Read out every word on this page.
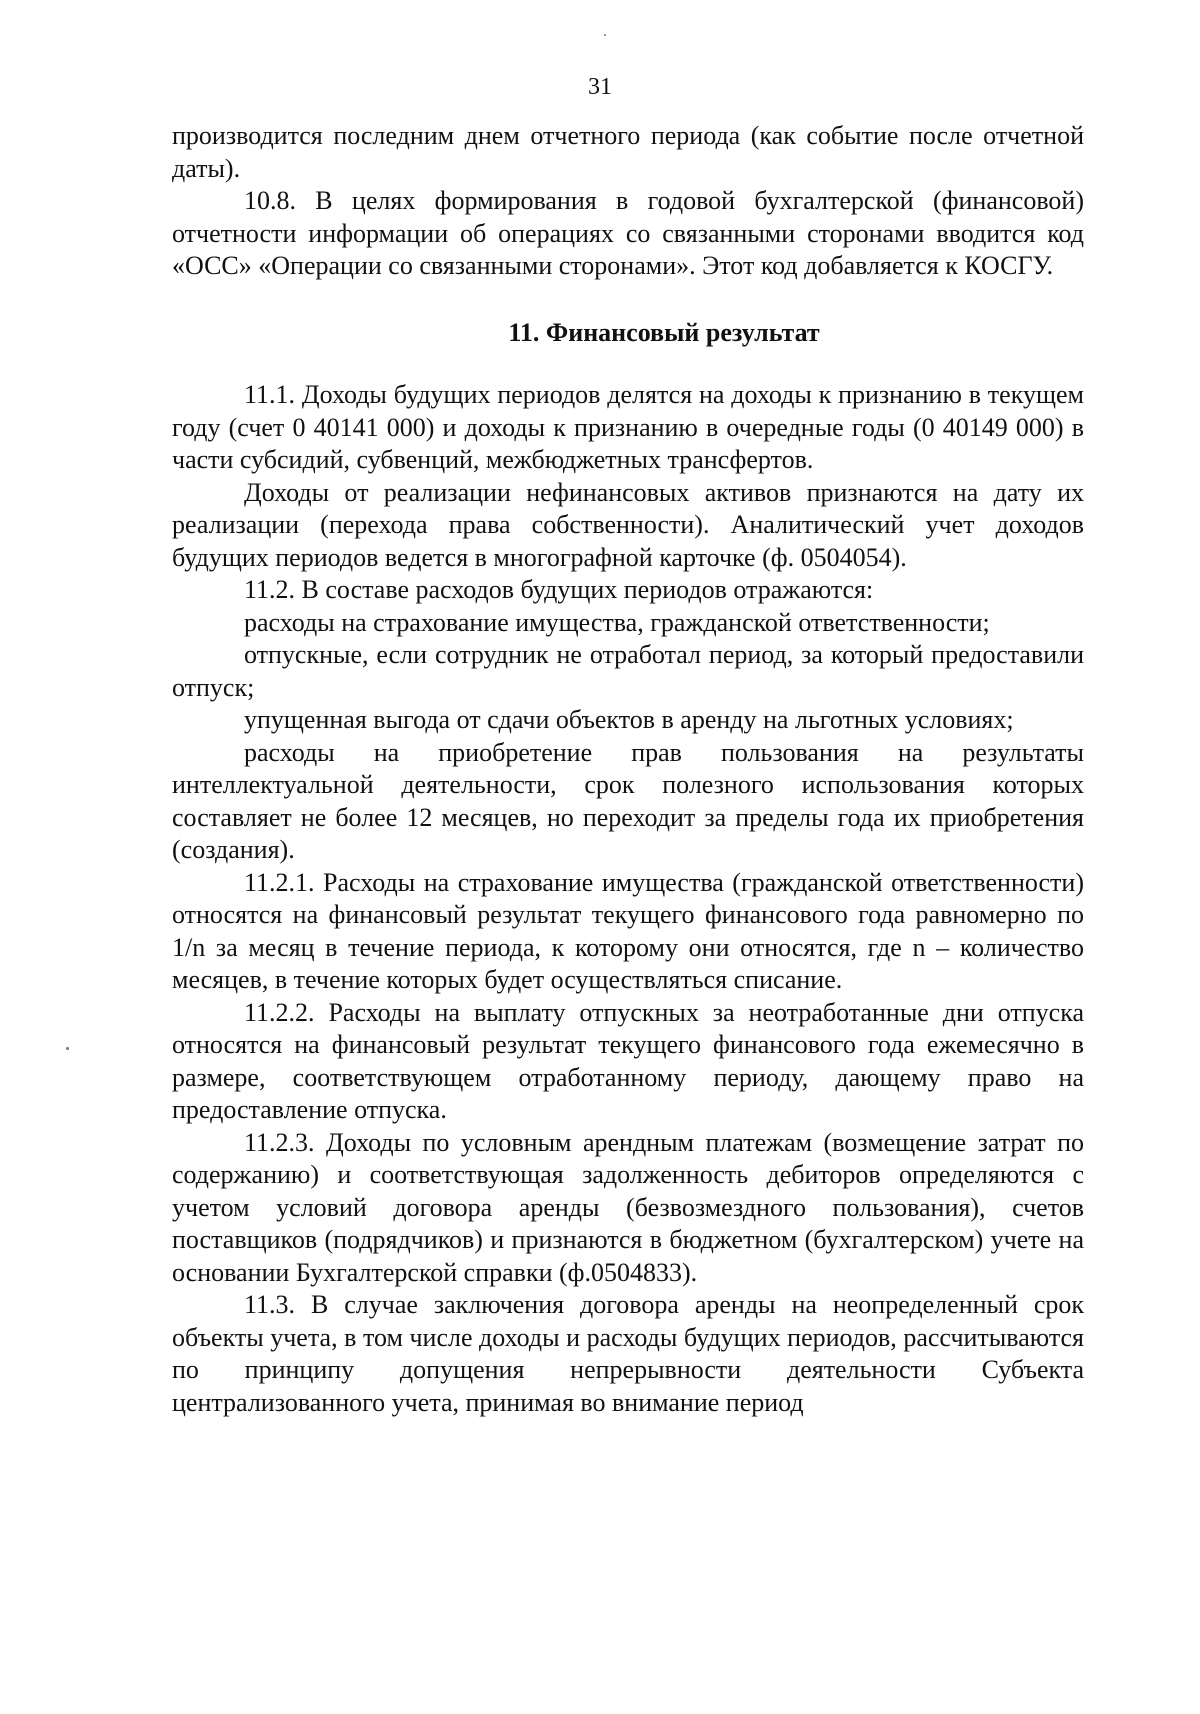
31

производится последним днем отчетного периода (как событие после отчетной даты).

10.8. В целях формирования в годовой бухгалтерской (финансовой) отчетности информации об операциях со связанными сторонами вводится код «ОСС» «Операции со связанными сторонами». Этот код добавляется к КОСГУ.

11. Финансовый результат

11.1. Доходы будущих периодов делятся на доходы к признанию в текущем году (счет 0 40141 000) и доходы к признанию в очередные годы (0 40149 000) в части субсидий, субвенций, межбюджетных трансфертов.

Доходы от реализации нефинансовых активов признаются на дату их реализации (перехода права собственности). Аналитический учет доходов будущих периодов ведется в многографной карточке (ф. 0504054).

11.2. В составе расходов будущих периодов отражаются:

расходы на страхование имущества, гражданской ответственности;

отпускные, если сотрудник не отработал период, за который предоставили отпуск;

упущенная выгода от сдачи объектов в аренду на льготных условиях;

расходы на приобретение прав пользования на результаты интеллектуальной деятельности, срок полезного использования которых составляет не более 12 месяцев, но переходит за пределы года их приобретения (создания).

11.2.1. Расходы на страхование имущества (гражданской ответственности) относятся на финансовый результат текущего финансового года равномерно по 1/n за месяц в течение периода, к которому они относятся, где n – количество месяцев, в течение которых будет осуществляться списание.

11.2.2. Расходы на выплату отпускных за неотработанные дни отпуска относятся на финансовый результат текущего финансового года ежемесячно в размере, соответствующем отработанному периоду, дающему право на предоставление отпуска.

11.2.3. Доходы по условным арендным платежам (возмещение затрат по содержанию) и соответствующая задолженность дебиторов определяются с учетом условий договора аренды (безвозмездного пользования), счетов поставщиков (подрядчиков) и признаются в бюджетном (бухгалтерском) учете на основании Бухгалтерской справки (ф.0504833).

11.3. В случае заключения договора аренды на неопределенный срок объекты учета, в том числе доходы и расходы будущих периодов, рассчитываются по принципу допущения непрерывности деятельности Субъекта централизованного учета, принимая во внимание период
